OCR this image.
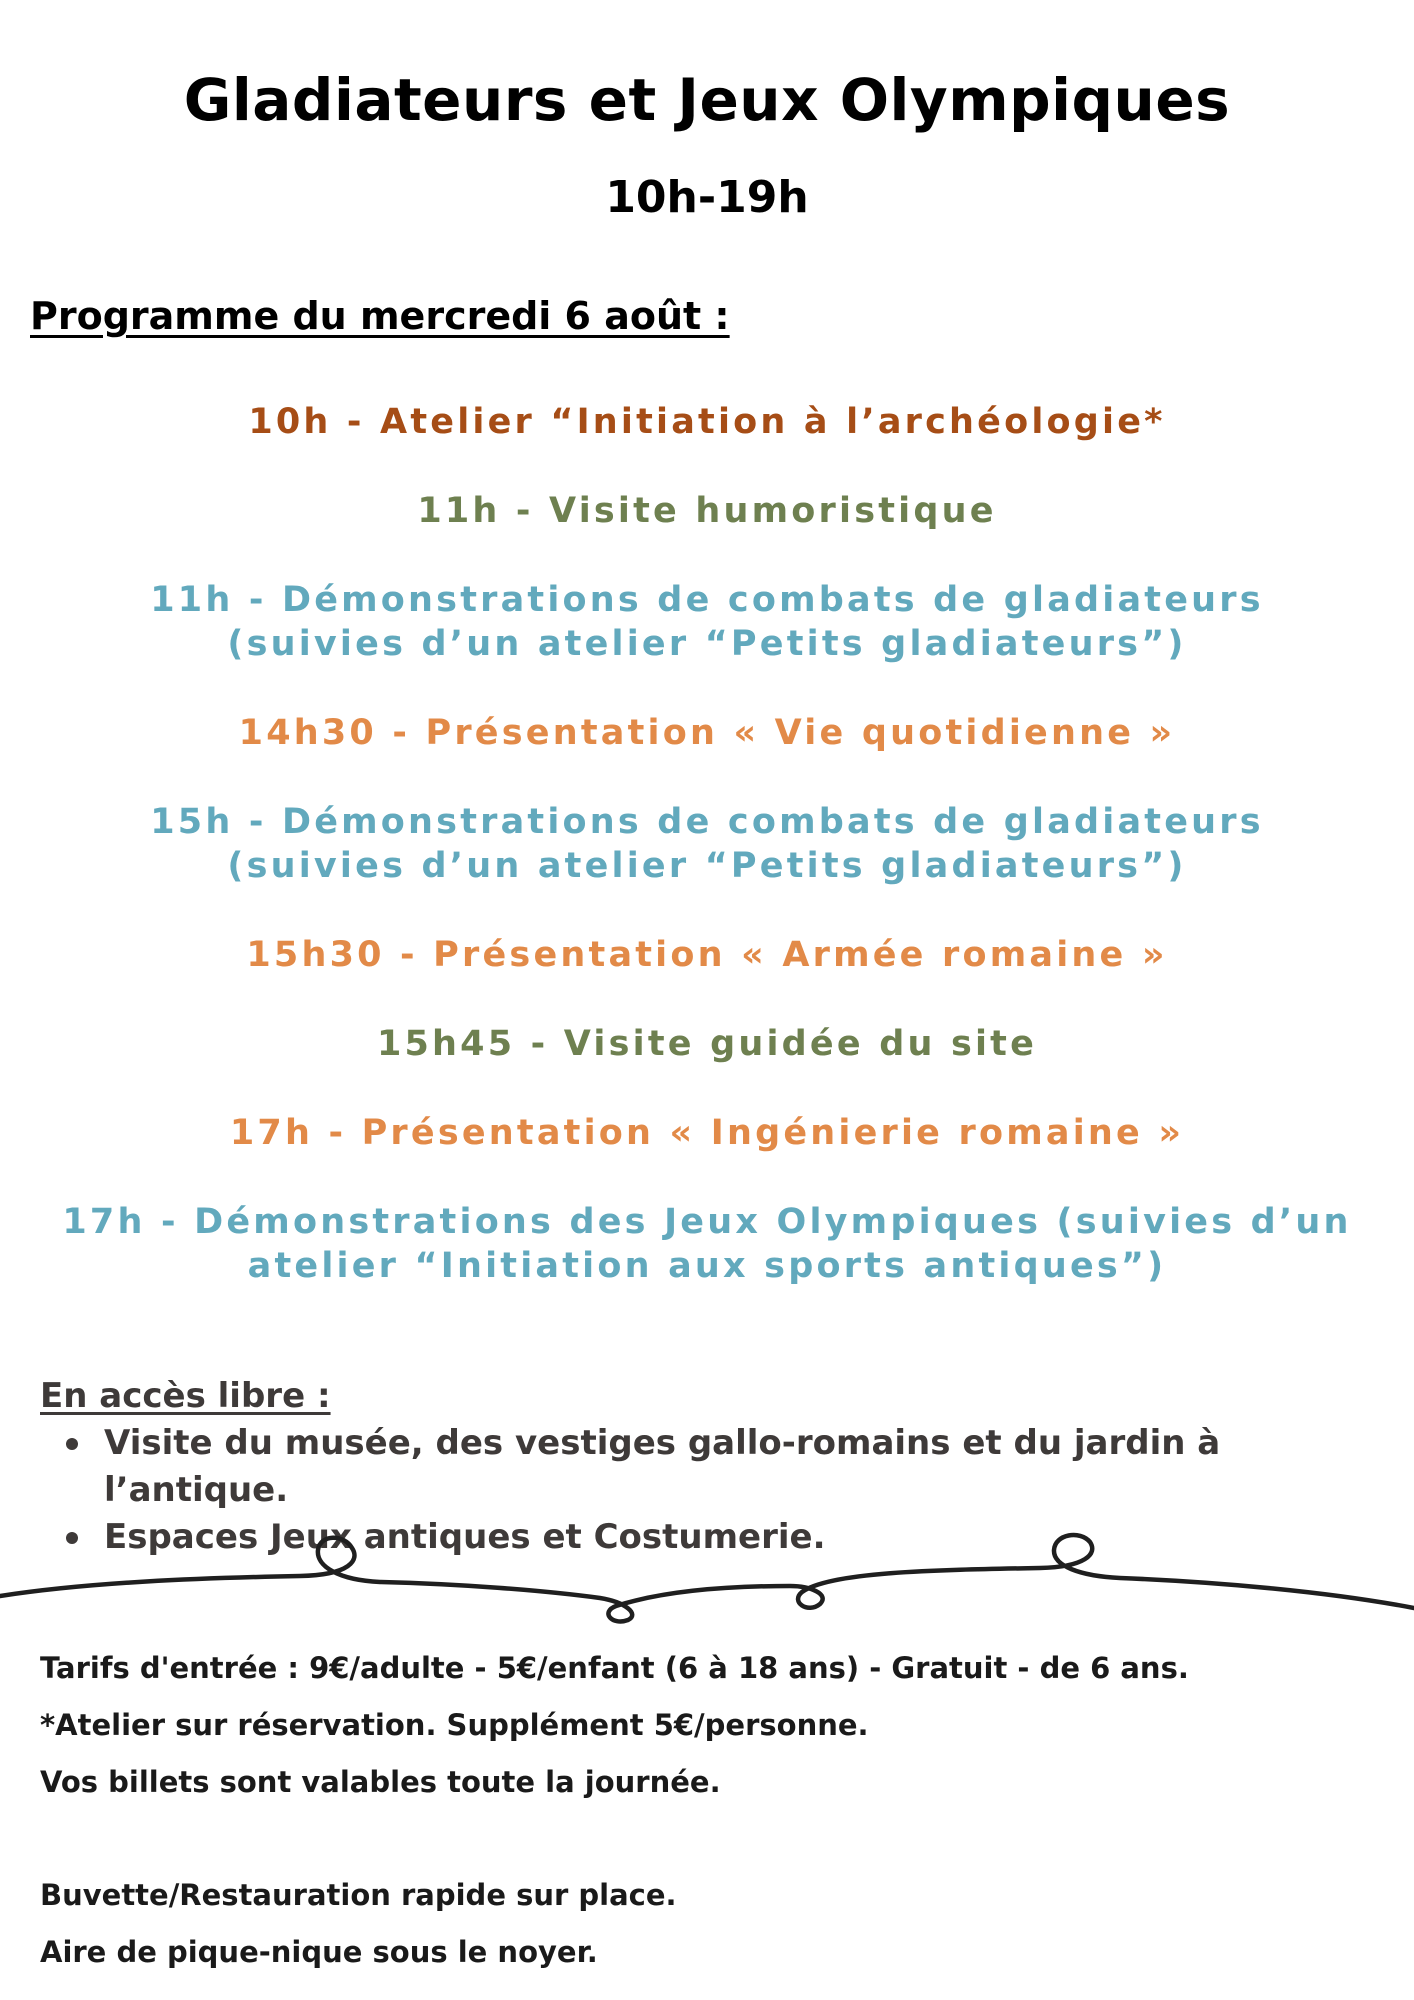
Gladiateurs et Jeux Olympiques
10h-19h
Programme du mercredi 6 août :

10h - Atelier “Initiation à l’archéologie*

11h - Visite humoristique

11h - Démonstrations de combats de gladiateurs (suivies d’un atelier “Petits gladiateurs”)

14h30 - Présentation « Vie quotidienne »

15h - Démonstrations de combats de gladiateurs (suivies d’un atelier “Petits gladiateurs”)

15h30 - Présentation « Armée romaine »

15h45 - Visite guidée du site

17h - Présentation « Ingénierie romaine »

17h - Démonstrations des Jeux Olympiques (suivies d’un atelier “Initiation aux sports antiques”)

En accès libre :
Visite du musée, des vestiges gallo-romains et du jardin à l’antique.
Espaces Jeux antiques et Costumerie.

Tarifs d'entrée : 9€/adulte - 5€/enfant (6 à 18 ans) - Gratuit - de 6 ans.

*Atelier sur réservation. Supplément 5€/personne.

Vos billets sont valables toute la journée.

Buvette/Restauration rapide sur place.

Aire de pique-nique sous le noyer.
